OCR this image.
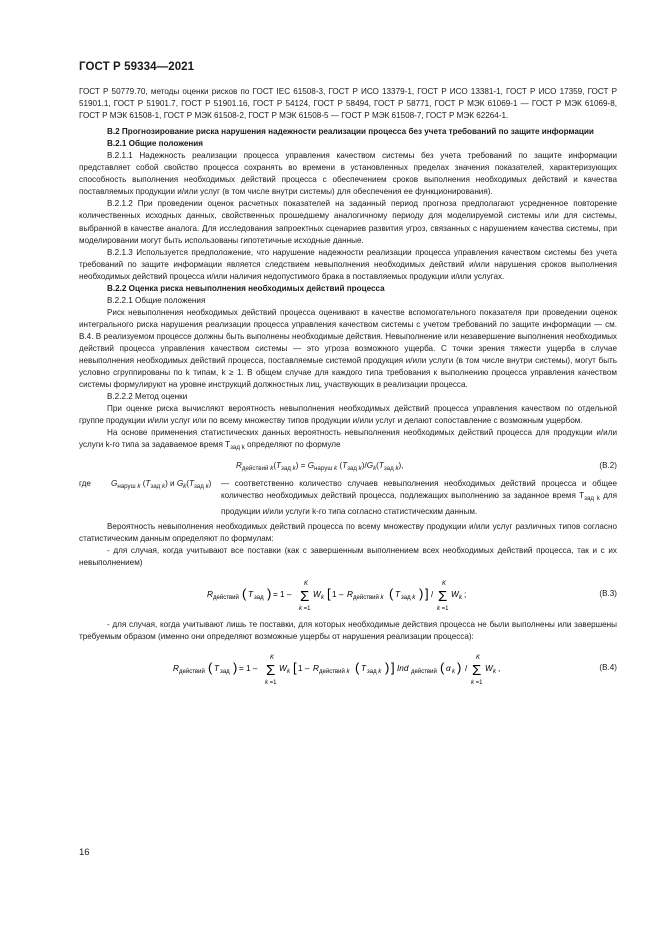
ГОСТ Р 59334—2021

ГОСТ Р 50779.70, методы оценки рисков по ГОСТ IEC 61508-3, ГОСТ Р ИСО 13379-1, ГОСТ Р ИСО 13381-1, ГОСТ Р ИСО 17359, ГОСТ Р 51901.1, ГОСТ Р 51901.7, ГОСТ Р 51901.16, ГОСТ Р 54124, ГОСТ Р 58494, ГОСТ Р 58771, ГОСТ Р МЭК 61069-1 — ГОСТ Р МЭК 61069-8, ГОСТ Р МЭК 61508-1, ГОСТ Р МЭК 61508-2, ГОСТ Р МЭК 61508-5 — ГОСТ Р МЭК 61508-7, ГОСТ Р МЭК 62264-1.

В.2 Прогнозирование риска нарушения надежности реализации процесса без учета требований по защите информации

В.2.1 Общие положения

В.2.1.1 Надежность реализации процесса управления качеством системы без учета требований по защите информации представляет собой свойство процесса сохранять во времени в установленных пределах значения показателей, характеризующих способность выполнения необходимых действий процесса с обеспечением сроков выполнения необходимых действий и качества поставляемых продукции и/или услуг (в том числе внутри системы) для обеспечения ее функционирования).

В.2.1.2 При проведении оценок расчетных показателей на заданный период прогноза предполагают усредненное повторение количественных исходных данных, свойственных прошедшему аналогичному периоду для моделируемой системы или для системы, выбранной в качестве аналога. Для исследования запроектных сценариев развития угроз, связанных с нарушением качества системы, при моделировании могут быть использованы гипотетичные исходные данные.

В.2.1.3 Используется предположение, что нарушение надежности реализации процесса управления качеством системы без учета требований по защите информации является следствием невыполнения необходимых действий и/или нарушения сроков выполнения необходимых действий процесса и/или наличия недопустимого брака в поставляемых продукции и/или услугах.

В.2.2 Оценка риска невыполнения необходимых действий процесса

В.2.2.1 Общие положения

Риск невыполнения необходимых действий процесса оценивают в качестве вспомогательного показателя при проведении оценок интегрального риска нарушения реализации процесса управления качеством системы с учетом требований по защите информации — см. В.4. В реализуемом процессе должны быть выполнены необходимые действия. Невыполнение или незавершение выполнения необходимых действий процесса управления качеством системы — это угроза возможного ущерба. С точки зрения тяжести ущерба в случае невыполнения необходимых действий процесса, поставляемые системой продукция и/или услуги (в том числе внутри системы), могут быть условно сгруппированы по k типам, k ≥ 1. В общем случае для каждого типа требования к выполнению процесса управления качеством системы формулируют на уровне инструкций должностных лиц, участвующих в реализации процесса.

В.2.2.2 Метод оценки

При оценке риска вычисляют вероятность невыполнения необходимых действий процесса управления качеством по отдельной группе продукции и/или услуг или по всему множеству типов продукции и/или услуг и делают сопоставление с возможным ущербом.

На основе применения статистических данных вероятность невыполнения необходимых действий процесса для продукции и/или услуги k-го типа за задаваемое время $T_{зад k}$ определяют по формуле

$R_{действий k}(T_{зад k}) = G_{наруш k}$ $(T_{зад k})/G_k(T_{зад k})$,	(В.2)
где	$G_{наруш k}$ $(T_{зад k})$ и $G_k(T_{зад k})$	— соответственно количество случаев невыполнения необходимых действий процесса и общее количество необходимых действий процесса, подлежащих выполнению за заданное время $T_{зад k}$ для продукции и/или услуги k-го типа согласно статистическим данным.

Вероятность невыполнения необходимых действий процесса по всему множеству продукции и/или услуг различных типов согласно статистическим данным определяют по формулам:

- для случая, когда учитывают все поставки (как с завершенным выполнением всех необходимых действий процесса, так и с их невыполнением)

R действий ( T зад ) = 1 –
K
Σ
k =1
W k [ 1 – R действий k ( T зад k ) ] /
K
Σ
k =1
W k ;	(В.3)

- для случая, когда учитывают лишь те поставки, для которых необходимые действия процесса не были выполнены или завершены требуемым образом (именно они определяют возможные ущербы от нарушения реализации процесса):

R действий ( T зад ) = 1 –
K
Σ
k =1
W k [ 1 – R действий k ( T зад k ) ] Ind действий ( α k ) /
K
Σ
k =1
W k ,	(В.4)
16
